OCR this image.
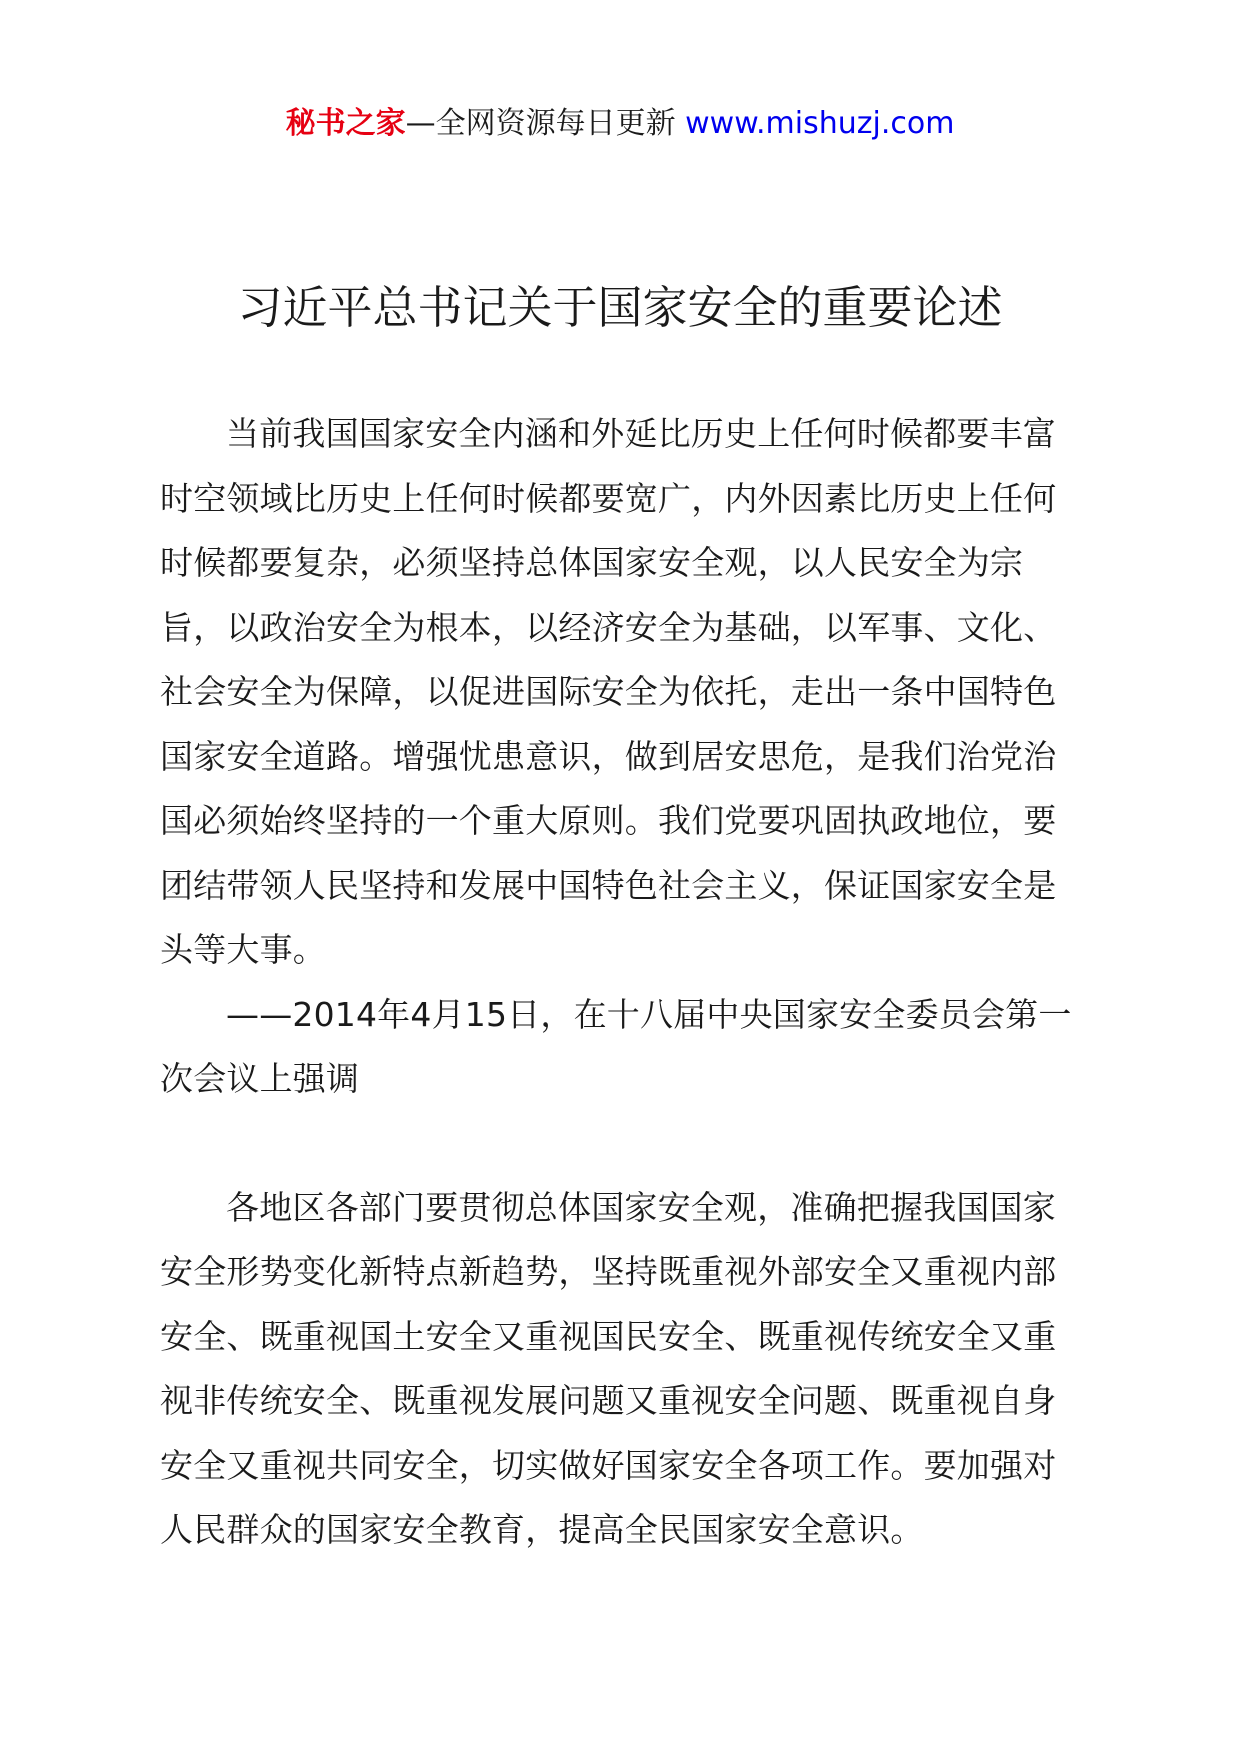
秘书之家—全网资源每日更新 www.mishuzj.com
习近平总书记关于国家安全的重要论述

当前我国国家安全内涵和外延比历史上任何时候都要丰富时空领域比历史上任何时候都要宽广，内外因素比历史上任何时候都要复杂，必须坚持总体国家安全观，以人民安全为宗旨，以政治安全为根本，以经济安全为基础，以军事、文化、社会安全为保障，以促进国际安全为依托，走出一条中国特色国家安全道路。增强忧患意识，做到居安思危，是我们治党治国必须始终坚持的一个重大原则。我们党要巩固执政地位，要团结带领人民坚持和发展中国特色社会主义，保证国家安全是头等大事。

——2014年4月15日，在十八届中央国家安全委员会第一次会议上强调

各地区各部门要贯彻总体国家安全观，准确把握我国国家安全形势变化新特点新趋势，坚持既重视外部安全又重视内部安全、既重视国土安全又重视国民安全、既重视传统安全又重视非传统安全、既重视发展问题又重视安全问题、既重视自身安全又重视共同安全，切实做好国家安全各项工作。要加强对人民群众的国家安全教育，提高全民国家安全意识。
